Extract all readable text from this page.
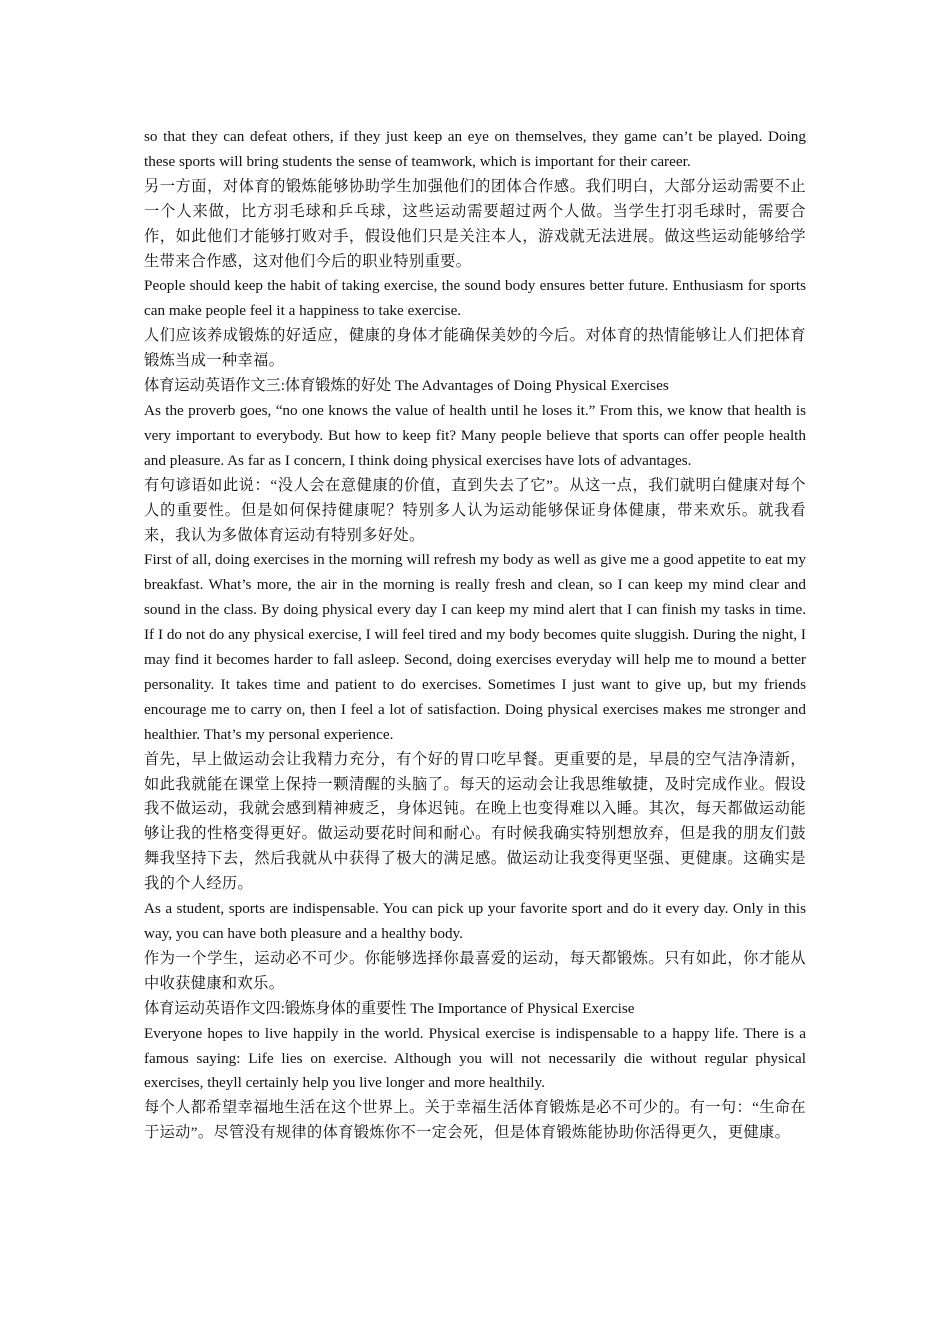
so that they can defeat others, if they just keep an eye on themselves, they game can’t be played. Doing these sports will bring students the sense of teamwork, which is important for their career.

另一方面，对体育的锻炼能够协助学生加强他们的团体合作感。我们明白，大部分运动需要不止一个人来做，比方羽毛球和乒乓球，这些运动需要超过两个人做。当学生打羽毛球时，需要合作，如此他们才能够打败对手，假设他们只是关注本人，游戏就无法进展。做这些运动能够给学生带来合作感，这对他们今后的职业特别重要。

People should keep the habit of taking exercise, the sound body ensures better future. Enthusiasm for sports can make people feel it a happiness to take exercise.

人们应该养成锻炼的好适应，健康的身体才能确保美妙的今后。对体育的热情能够让人们把体育锻炼当成一种幸福。

体育运动英语作文三:体育锻炼的好处 The Advantages of Doing Physical Exercises

As the proverb goes, “no one knows the value of health until he loses it.” From this, we know that health is very important to everybody. But how to keep fit? Many people believe that sports can offer people health and pleasure. As far as I concern, I think doing physical exercises have lots of advantages.

有句谚语如此说：“没人会在意健康的价值，直到失去了它”。从这一点，我们就明白健康对每个人的重要性。但是如何保持健康呢？特别多人认为运动能够保证身体健康，带来欢乐。就我看来，我认为多做体育运动有特别多好处。

First of all, doing exercises in the morning will refresh my body as well as give me a good appetite to eat my breakfast. What’s more, the air in the morning is really fresh and clean, so I can keep my mind clear and sound in the class. By doing physical every day I can keep my mind alert that I can finish my tasks in time. If I do not do any physical exercise, I will feel tired and my body becomes quite sluggish. During the night, I may find it becomes harder to fall asleep. Second, doing exercises everyday will help me to mound a better personality. It takes time and patient to do exercises. Sometimes I just want to give up, but my friends encourage me to carry on, then I feel a lot of satisfaction. Doing physical exercises makes me stronger and healthier. That’s my personal experience.

首先，早上做运动会让我精力充分，有个好的胃口吃早餐。更重要的是，早晨的空气洁净清新，如此我就能在课堂上保持一颗清醒的头脑了。每天的运动会让我思维敏捷，及时完成作业。假设我不做运动，我就会感到精神疲乏，身体迟钝。在晚上也变得难以入睡。其次，每天都做运动能够让我的性格变得更好。做运动要花时间和耐心。有时候我确实特别想放弃，但是我的朋友们鼓舞我坚持下去，然后我就从中获得了极大的满足感。做运动让我变得更坚强、更健康。这确实是我的个人经历。

As a student, sports are indispensable. You can pick up your favorite sport and do it every day. Only in this way, you can have both pleasure and a healthy body.

作为一个学生，运动必不可少。你能够选择你最喜爱的运动，每天都锻炼。只有如此，你才能从中收获健康和欢乐。

体育运动英语作文四:锻炼身体的重要性 The Importance of Physical Exercise

Everyone hopes to live happily in the world. Physical exercise is indispensable to a happy life. There is a famous saying: Life lies on exercise. Although you will not necessarily die without regular physical exercises, theyll certainly help you live longer and more healthily.

每个人都希望幸福地生活在这个世界上。关于幸福生活体育锻炼是必不可少的。有一句：“生命在于运动”。尽管没有规律的体育锻炼你不一定会死，但是体育锻炼能协助你活得更久，更健康。
